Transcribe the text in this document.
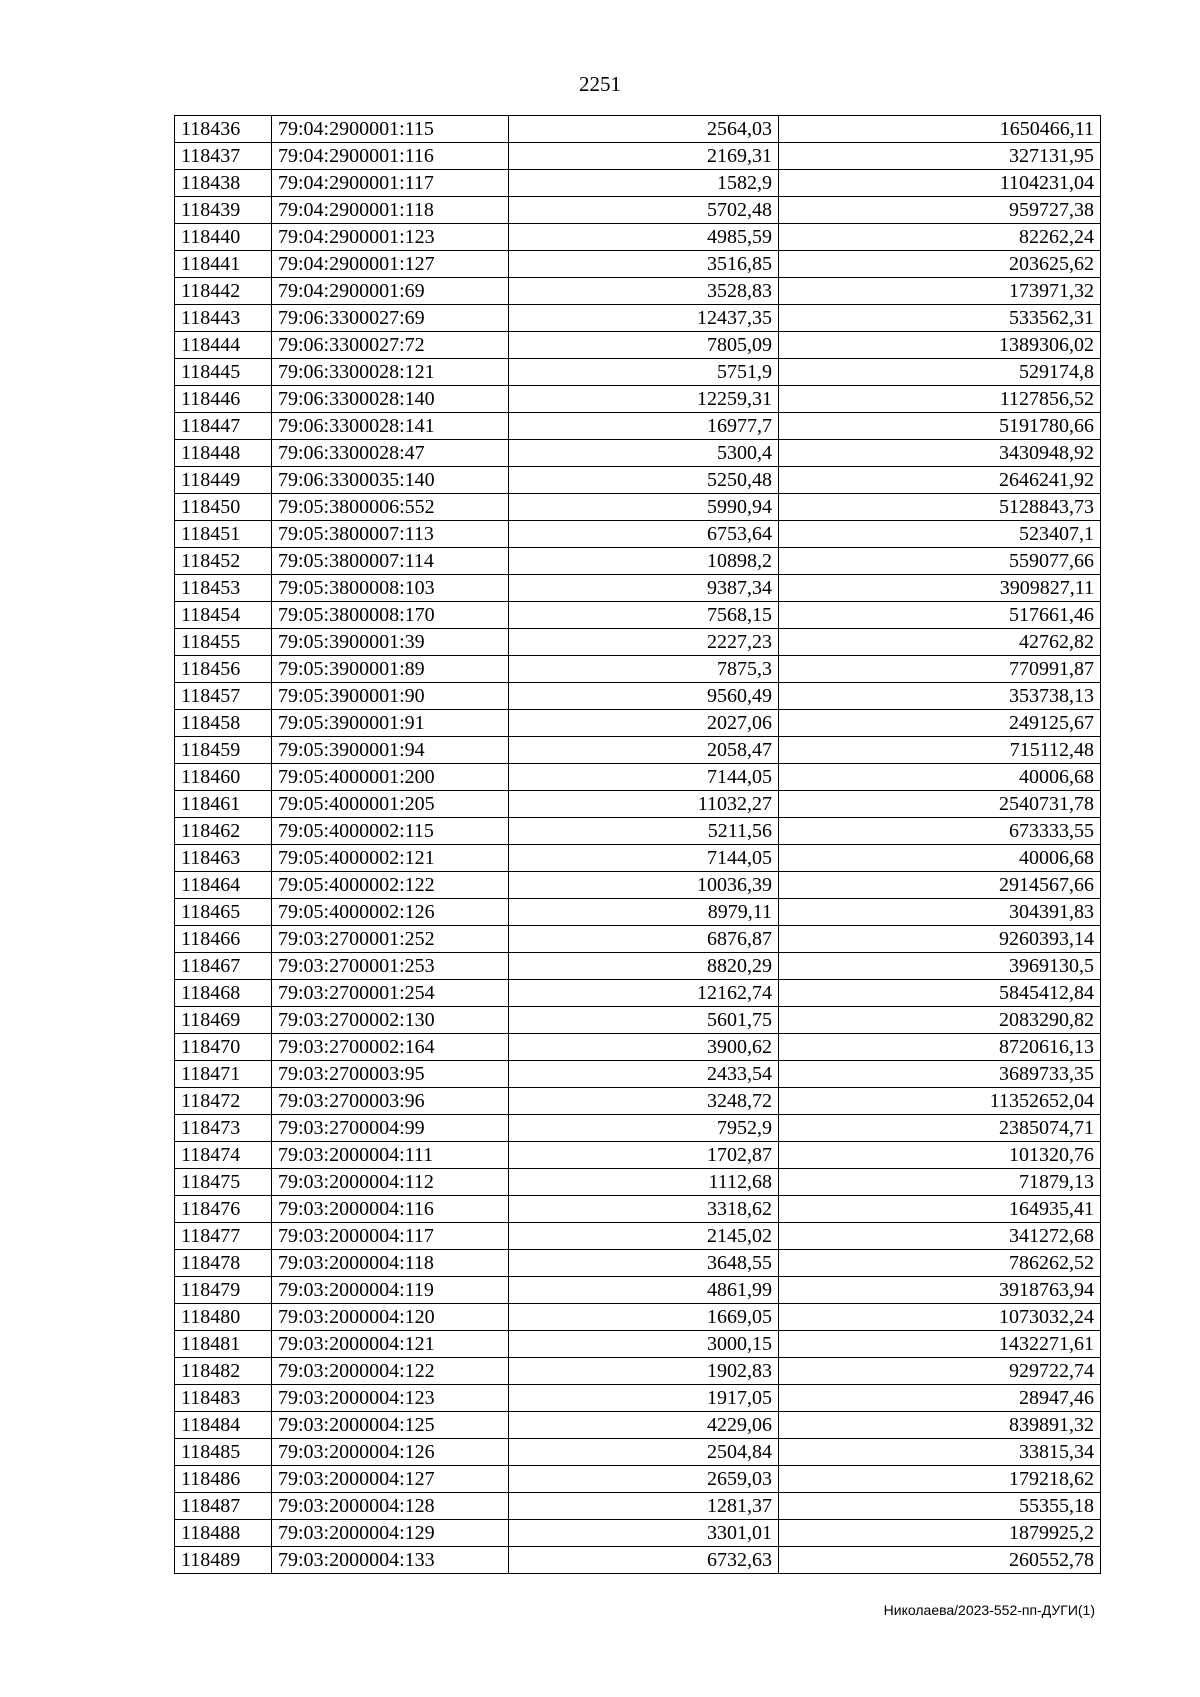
2251
118436	79:04:2900001:115	2564,03	1650466,11
118437	79:04:2900001:116	2169,31	327131,95
118438	79:04:2900001:117	1582,9	1104231,04
118439	79:04:2900001:118	5702,48	959727,38
118440	79:04:2900001:123	4985,59	82262,24
118441	79:04:2900001:127	3516,85	203625,62
118442	79:04:2900001:69	3528,83	173971,32
118443	79:06:3300027:69	12437,35	533562,31
118444	79:06:3300027:72	7805,09	1389306,02
118445	79:06:3300028:121	5751,9	529174,8
118446	79:06:3300028:140	12259,31	1127856,52
118447	79:06:3300028:141	16977,7	5191780,66
118448	79:06:3300028:47	5300,4	3430948,92
118449	79:06:3300035:140	5250,48	2646241,92
118450	79:05:3800006:552	5990,94	5128843,73
118451	79:05:3800007:113	6753,64	523407,1
118452	79:05:3800007:114	10898,2	559077,66
118453	79:05:3800008:103	9387,34	3909827,11
118454	79:05:3800008:170	7568,15	517661,46
118455	79:05:3900001:39	2227,23	42762,82
118456	79:05:3900001:89	7875,3	770991,87
118457	79:05:3900001:90	9560,49	353738,13
118458	79:05:3900001:91	2027,06	249125,67
118459	79:05:3900001:94	2058,47	715112,48
118460	79:05:4000001:200	7144,05	40006,68
118461	79:05:4000001:205	11032,27	2540731,78
118462	79:05:4000002:115	5211,56	673333,55
118463	79:05:4000002:121	7144,05	40006,68
118464	79:05:4000002:122	10036,39	2914567,66
118465	79:05:4000002:126	8979,11	304391,83
118466	79:03:2700001:252	6876,87	9260393,14
118467	79:03:2700001:253	8820,29	3969130,5
118468	79:03:2700001:254	12162,74	5845412,84
118469	79:03:2700002:130	5601,75	2083290,82
118470	79:03:2700002:164	3900,62	8720616,13
118471	79:03:2700003:95	2433,54	3689733,35
118472	79:03:2700003:96	3248,72	11352652,04
118473	79:03:2700004:99	7952,9	2385074,71
118474	79:03:2000004:111	1702,87	101320,76
118475	79:03:2000004:112	1112,68	71879,13
118476	79:03:2000004:116	3318,62	164935,41
118477	79:03:2000004:117	2145,02	341272,68
118478	79:03:2000004:118	3648,55	786262,52
118479	79:03:2000004:119	4861,99	3918763,94
118480	79:03:2000004:120	1669,05	1073032,24
118481	79:03:2000004:121	3000,15	1432271,61
118482	79:03:2000004:122	1902,83	929722,74
118483	79:03:2000004:123	1917,05	28947,46
118484	79:03:2000004:125	4229,06	839891,32
118485	79:03:2000004:126	2504,84	33815,34
118486	79:03:2000004:127	2659,03	179218,62
118487	79:03:2000004:128	1281,37	55355,18
118488	79:03:2000004:129	3301,01	1879925,2
118489	79:03:2000004:133	6732,63	260552,78
Николаева/2023-552-пп-ДУГИ(1)
